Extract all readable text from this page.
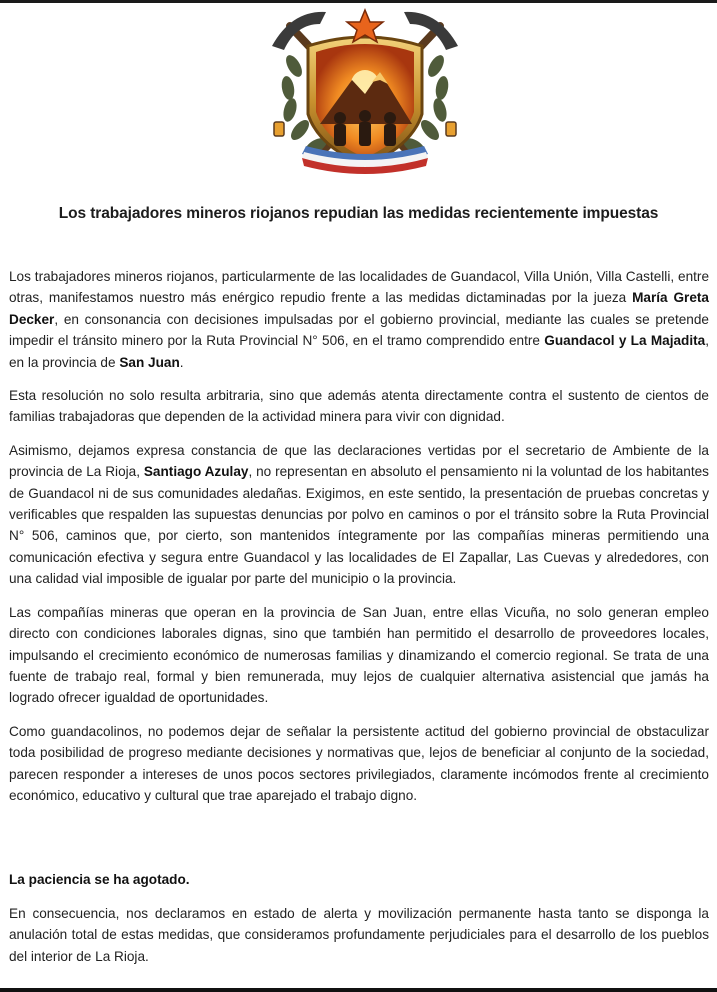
Los trabajadores mineros riojanos repudian las medidas recientemente impuestas

Los trabajadores mineros riojanos, particularmente de las localidades de Guandacol, Villa Unión, Villa Castelli, entre otras, manifestamos nuestro más enérgico repudio frente a las medidas dictaminadas por la jueza María Greta Decker, en consonancia con decisiones impulsadas por el gobierno provincial, mediante las cuales se pretende impedir el tránsito minero por la Ruta Provincial N° 506, en el tramo comprendido entre Guandacol y La Majadita, en la provincia de San Juan.

Esta resolución no solo resulta arbitraria, sino que además atenta directamente contra el sustento de cientos de familias trabajadoras que dependen de la actividad minera para vivir con dignidad.

Asimismo, dejamos expresa constancia de que las declaraciones vertidas por el secretario de Ambiente de la provincia de La Rioja, Santiago Azulay, no representan en absoluto el pensamiento ni la voluntad de los habitantes de Guandacol ni de sus comunidades aledañas. Exigimos, en este sentido, la presentación de pruebas concretas y verificables que respalden las supuestas denuncias por polvo en caminos o por el tránsito sobre la Ruta Provincial N° 506, caminos que, por cierto, son mantenidos íntegramente por las compañías mineras permitiendo una comunicación efectiva y segura entre Guandacol y las localidades de El Zapallar, Las Cuevas y alrededores, con una calidad vial imposible de igualar por parte del municipio o la provincia.

Las compañías mineras que operan en la provincia de San Juan, entre ellas Vicuña, no solo generan empleo directo con condiciones laborales dignas, sino que también han permitido el desarrollo de proveedores locales, impulsando el crecimiento económico de numerosas familias y dinamizando el comercio regional. Se trata de una fuente de trabajo real, formal y bien remunerada, muy lejos de cualquier alternativa asistencial que jamás ha logrado ofrecer igualdad de oportunidades.

Como guandacolinos, no podemos dejar de señalar la persistente actitud del gobierno provincial de obstaculizar toda posibilidad de progreso mediante decisiones y normativas que, lejos de beneficiar al conjunto de la sociedad, parecen responder a intereses de unos pocos sectores privilegiados, claramente incómodos frente al crecimiento económico, educativo y cultural que trae aparejado el trabajo digno.

La paciencia se ha agotado.

En consecuencia, nos declaramos en estado de alerta y movilización permanente hasta tanto se disponga la anulación total de estas medidas, que consideramos profundamente perjudiciales para el desarrollo de los pueblos del interior de La Rioja.
